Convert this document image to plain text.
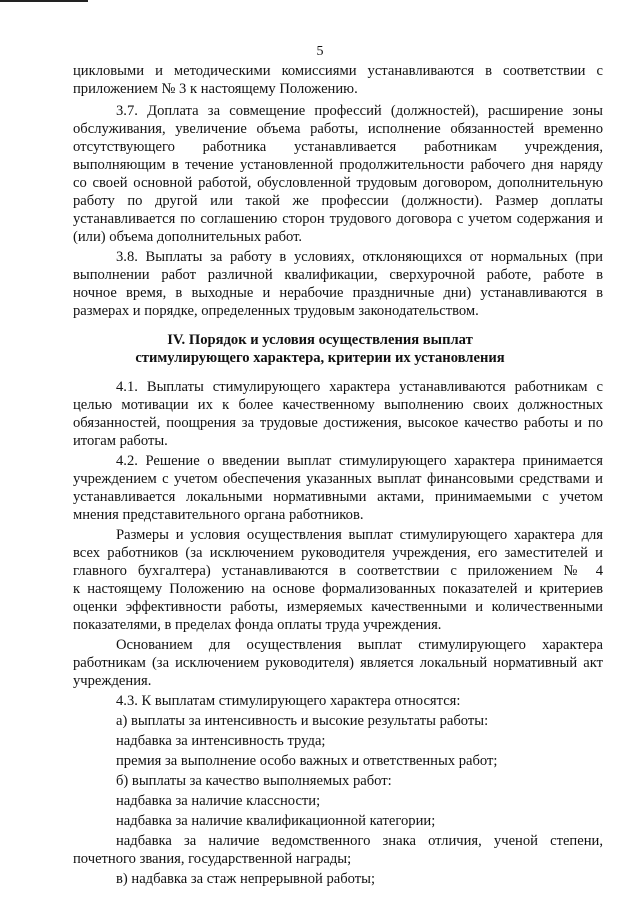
5
цикловыми и методическими комиссиями устанавливаются в соответствии с
приложением № 3 к настоящему Положению.
3.7. Доплата за совмещение профессий (должностей), расширение зоны
обслуживания, увеличение объема работы, исполнение обязанностей временно
отсутствующего работника устанавливается работникам учреждения,
выполняющим в течение установленной продолжительности рабочего дня наряду
со своей основной работой, обусловленной трудовым договором, дополнительную
работу по другой или такой же профессии (должности). Размер доплаты
устанавливается по соглашению сторон трудового договора с учетом содержания и
(или) объема дополнительных работ.
3.8. Выплаты за работу в условиях, отклоняющихся от нормальных (при
выполнении работ различной квалификации, сверхурочной работе, работе в
ночное время, в выходные и нерабочие праздничные дни) устанавливаются в
размерах и порядке, определенных трудовым законодательством.
IV. Порядок и условия осуществления выплат
стимулирующего характера, критерии их установления
4.1. Выплаты стимулирующего характера устанавливаются работникам с
целью мотивации их к более качественному выполнению своих должностных
обязанностей, поощрения за трудовые достижения, высокое качество работы и по
итогам работы.
4.2. Решение о введении выплат стимулирующего характера принимается
учреждением с учетом обеспечения указанных выплат финансовыми средствами и
устанавливается локальными нормативными актами, принимаемыми с учетом
мнения представительного органа работников.
Размеры и условия осуществления выплат стимулирующего характера для
всех работников (за исключением руководителя учреждения, его заместителей и
главного бухгалтера) устанавливаются в соответствии с приложением № 4
к настоящему Положению на основе формализованных показателей и критериев
оценки эффективности работы, измеряемых качественными и количественными
показателями, в пределах фонда оплаты труда учреждения.
Основанием для осуществления выплат стимулирующего характера
работникам (за исключением руководителя) является локальный нормативный акт
учреждения.
4.3. К выплатам стимулирующего характера относятся:
а) выплаты за интенсивность и высокие результаты работы:
надбавка за интенсивность труда;
премия за выполнение особо важных и ответственных работ;
б) выплаты за качество выполняемых работ:
надбавка за наличие классности;
надбавка за наличие квалификационной категории;
надбавка за наличие ведомственного знака отличия, ученой степени,
почетного звания, государственной награды;
в) надбавка за стаж непрерывной работы;
